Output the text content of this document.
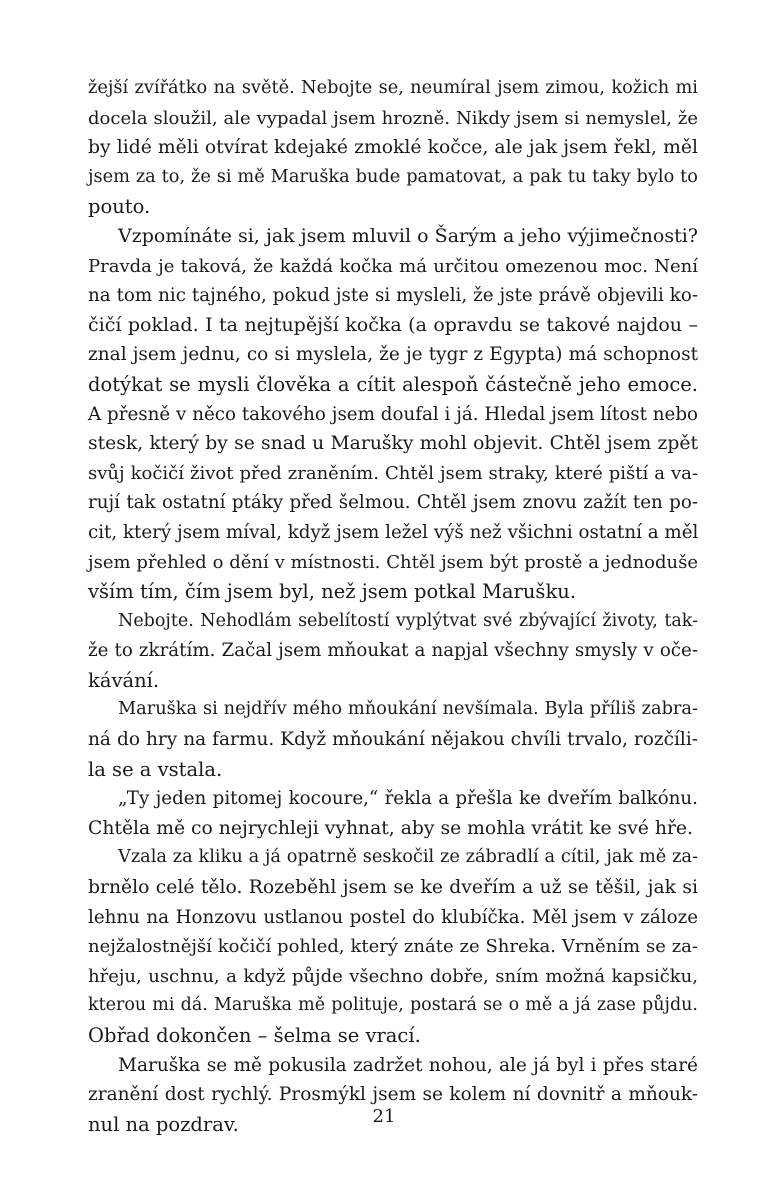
žejší zvířátko na světě. Nebojte se, neumíral jsem zimou, kožich mi
docela sloužil, ale vypadal jsem hrozně. Nikdy jsem si nemyslel, že
by lidé měli otvírat kdejaké zmoklé kočce, ale jak jsem řekl, měl
jsem za to, že si mě Maruška bude pamatovat, a pak tu taky bylo to
pouto.
Vzpomínáte si, jak jsem mluvil o Šarým a jeho výjimečnosti?
Pravda je taková, že každá kočka má určitou omezenou moc. Není
na tom nic tajného, pokud jste si mysleli, že jste právě objevili ko-
čičí poklad. I ta nejtupější kočka (a opravdu se takové najdou –
znal jsem jednu, co si myslela, že je tygr z Egypta) má schopnost
dotýkat se mysli člověka a cítit alespoň částečně jeho emoce.
A přesně v něco takového jsem doufal i já. Hledal jsem lítost nebo
stesk, který by se snad u Marušky mohl objevit. Chtěl jsem zpět
svůj kočičí život před zraněním. Chtěl jsem straky, které piští a va-
rují tak ostatní ptáky před šelmou. Chtěl jsem znovu zažít ten po-
cit, který jsem míval, když jsem ležel výš než všichni ostatní a měl
jsem přehled o dění v místnosti. Chtěl jsem být prostě a jednoduše
vším tím, čím jsem byl, než jsem potkal Marušku.
Nebojte. Nehodlám sebelítostí vyplýtvat své zbývající životy, tak-
že to zkrátím. Začal jsem mňoukat a napjal všechny smysly v oče-
kávání.
Maruška si nejdřív mého mňoukání nevšímala. Byla příliš zabra-
ná do hry na farmu. Když mňoukání nějakou chvíli trvalo, rozčíli-
la se a vstala.
„Ty jeden pitomej kocoure,“ řekla a přešla ke dveřím balkónu.
Chtěla mě co nejrychleji vyhnat, aby se mohla vrátit ke své hře.
Vzala za kliku a já opatrně seskočil ze zábradlí a cítil, jak mě za-
brnělo celé tělo. Rozeběhl jsem se ke dveřím a už se těšil, jak si
lehnu na Honzovu ustlanou postel do klubíčka. Měl jsem v záloze
nejžalostnější kočičí pohled, který znáte ze Shreka. Vrněním se za-
hřeju, uschnu, a když půjde všechno dobře, sním možná kapsičku,
kterou mi dá. Maruška mě polituje, postará se o mě a já zase půjdu.
Obřad dokončen – šelma se vrací.
Maruška se mě pokusila zadržet nohou, ale já byl i přes staré
zranění dost rychlý. Prosmýkl jsem se kolem ní dovnitř a mňouk-
nul na pozdrav.	21
